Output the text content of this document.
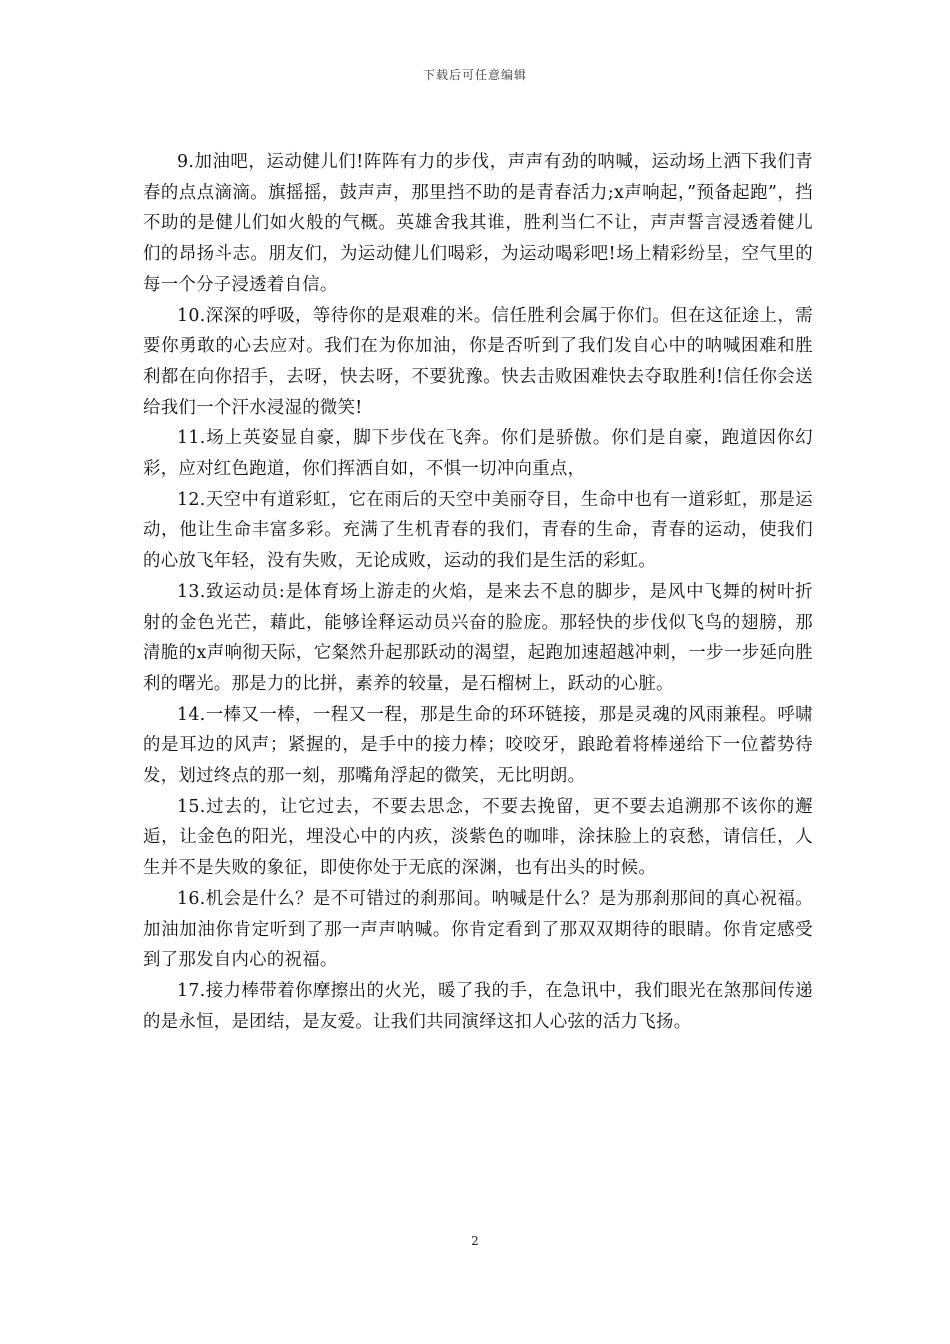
下载后可任意编辑

9.加油吧，运动健儿们!阵阵有力的步伐，声声有劲的呐喊，运动场上洒下我们青春的点点滴滴。旗摇摇，鼓声声，那里挡不助的是青春活力;x声响起，”预备起跑”，挡不助的是健儿们如火般的气概。英雄舍我其谁，胜利当仁不让，声声誓言浸透着健儿们的昂扬斗志。朋友们，为运动健儿们喝彩，为运动喝彩吧!场上精彩纷呈，空气里的每一个分子浸透着自信。

10.深深的呼吸，等待你的是艰难的米。信任胜利会属于你们。但在这征途上，需要你勇敢的心去应对。我们在为你加油，你是否听到了我们发自心中的呐喊困难和胜利都在向你招手，去呀，快去呀，不要犹豫。快去击败困难快去夺取胜利!信任你会送给我们一个汗水浸湿的微笑!

11.场上英姿显自豪，脚下步伐在飞奔。你们是骄傲。你们是自豪，跑道因你幻彩，应对红色跑道，你们挥洒自如，不惧一切冲向重点，

12.天空中有道彩虹，它在雨后的天空中美丽夺目，生命中也有一道彩虹，那是运动，他让生命丰富多彩。充满了生机青春的我们，青春的生命，青春的运动，使我们的心放飞年轻，没有失败，无论成败，运动的我们是生活的彩虹。

13.致运动员:是体育场上游走的火焰，是来去不息的脚步，是风中飞舞的树叶折射的金色光芒，藉此，能够诠释运动员兴奋的脸庞。那轻快的步伐似飞鸟的翅膀，那清脆的x声响彻天际，它粲然升起那跃动的渴望，起跑加速超越冲刺，一步一步延向胜利的曙光。那是力的比拼，素养的较量，是石榴树上，跃动的心脏。

14.一棒又一棒，一程又一程，那是生命的环环链接，那是灵魂的风雨兼程。呼啸的是耳边的风声；紧握的，是手中的接力棒；咬咬牙，踉跄着将棒递给下一位蓄势待发，划过终点的那一刻，那嘴角浮起的微笑，无比明朗。

15.过去的，让它过去，不要去思念，不要去挽留，更不要去追溯那不该你的邂逅，让金色的阳光，埋没心中的内疚，淡紫色的咖啡，涂抹脸上的哀愁，请信任，人生并不是失败的象征，即使你处于无底的深渊，也有出头的时候。

16.机会是什么？是不可错过的刹那间。呐喊是什么？是为那刹那间的真心祝福。加油加油你肯定听到了那一声声呐喊。你肯定看到了那双双期待的眼睛。你肯定感受到了那发自内心的祝福。

17.接力棒带着你摩擦出的火光，暖了我的手，在急讯中，我们眼光在煞那间传递的是永恒，是团结，是友爱。让我们共同演绎这扣人心弦的活力飞扬。

2
